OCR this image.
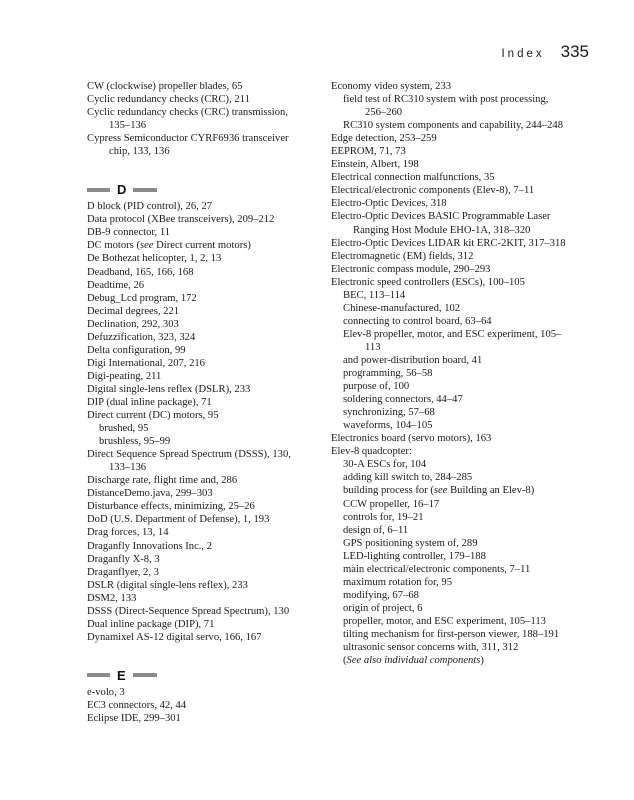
Index 335
CW (clockwise) propeller blades, 65
Cyclic redundancy checks (CRC), 211
Cyclic redundancy checks (CRC) transmission, 135–136
Cypress Semiconductor CYRF6936 transceiver chip, 133, 136
D
D block (PID control), 26, 27
Data protocol (XBee transceivers), 209–212
DB-9 connector, 11
DC motors (see Direct current motors)
De Bothezat helicopter, 1, 2, 13
Deadband, 165, 166, 168
Deadtime, 26
Debug_Lcd program, 172
Decimal degrees, 221
Declination, 292, 303
Defuzzification, 323, 324
Delta configuration, 99
Digi International, 207, 216
Digi-peating, 211
Digital single-lens reflex (DSLR), 233
DIP (dual inline package), 71
Direct current (DC) motors, 95
brushed, 95
brushless, 95–99
Direct Sequence Spread Spectrum (DSSS), 130, 133–136
Discharge rate, flight time and, 286
DistanceDemo.java, 299–303
Disturbance effects, minimizing, 25–26
DoD (U.S. Department of Defense), 1, 193
Drag forces, 13, 14
Draganfly Innovations Inc., 2
Draganfly X-8, 3
Draganflyer, 2, 3
DSLR (digital single-lens reflex), 233
DSM2, 133
DSSS (Direct-Sequence Spread Spectrum), 130
Dual inline package (DIP), 71
Dynamixel AS-12 digital servo, 166, 167
E
e-volo, 3
EC3 connectors, 42, 44
Eclipse IDE, 299–301
Economy video system, 233
field test of RC310 system with post processing, 256–260
RC310 system components and capability, 244–248
Edge detection, 253–259
EEPROM, 71, 73
Einstein, Albert, 198
Electrical connection malfunctions, 35
Electrical/electronic components (Elev-8), 7–11
Electro-Optic Devices, 318
Electro-Optic Devices BASIC Programmable Laser Ranging Host Module EHO-1A, 318–320
Electro-Optic Devices LIDAR kit ERC-2KIT, 317–318
Electromagnetic (EM) fields, 312
Electronic compass module, 290–293
Electronic speed controllers (ESCs), 100–105
BEC, 113–114
Chinese-manufactured, 102
connecting to control board, 63–64
Elev-8 propeller, motor, and ESC experiment, 105–113
and power-distribution board, 41
programming, 56–58
purpose of, 100
soldering connectors, 44–47
synchronizing, 57–68
waveforms, 104–105
Electronics board (servo motors), 163
Elev-8 quadcopter:
30-A ESCs for, 104
adding kill switch to, 284–285
building process for (see Building an Elev-8)
CCW propeller, 16–17
controls for, 19–21
design of, 6–11
GPS positioning system of, 289
LED-lighting controller, 179–188
main electrical/electronic components, 7–11
maximum rotation for, 95
modifying, 67–68
origin of project, 6
propeller, motor, and ESC experiment, 105–113
tilting mechanism for first-person viewer, 188–191
ultrasonic sensor concerns with, 311, 312
(See also individual components)
